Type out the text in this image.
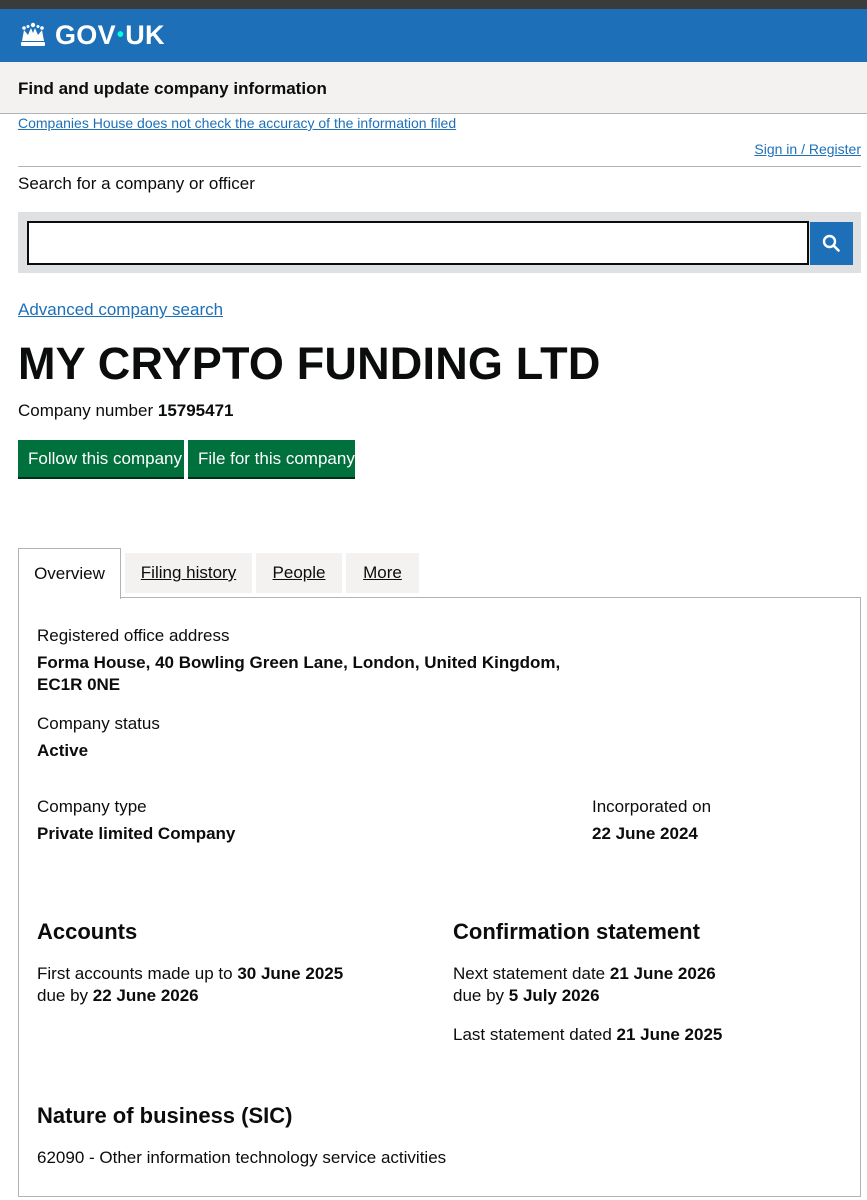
GOV•UK
Find and update company information
Companies House does not check the accuracy of the information filed
Sign in / Register
Search for a company or officer
Advanced company search
MY CRYPTO FUNDING LTD
Company number 15795471
Follow this company File for this company
Overview	Filing history	People	More
Registered office address
Forma House, 40 Bowling Green Lane, London, United Kingdom,
EC1R 0NE
Company status
Active
Company type
Private limited Company
Incorporated on
22 June 2024
Accounts
First accounts made up to 30 June 2025
due by 22 June 2026
Confirmation statement
Next statement date 21 June 2026
due by 5 July 2026
Last statement dated 21 June 2025
Nature of business (SIC)
62090 - Other information technology service activities
